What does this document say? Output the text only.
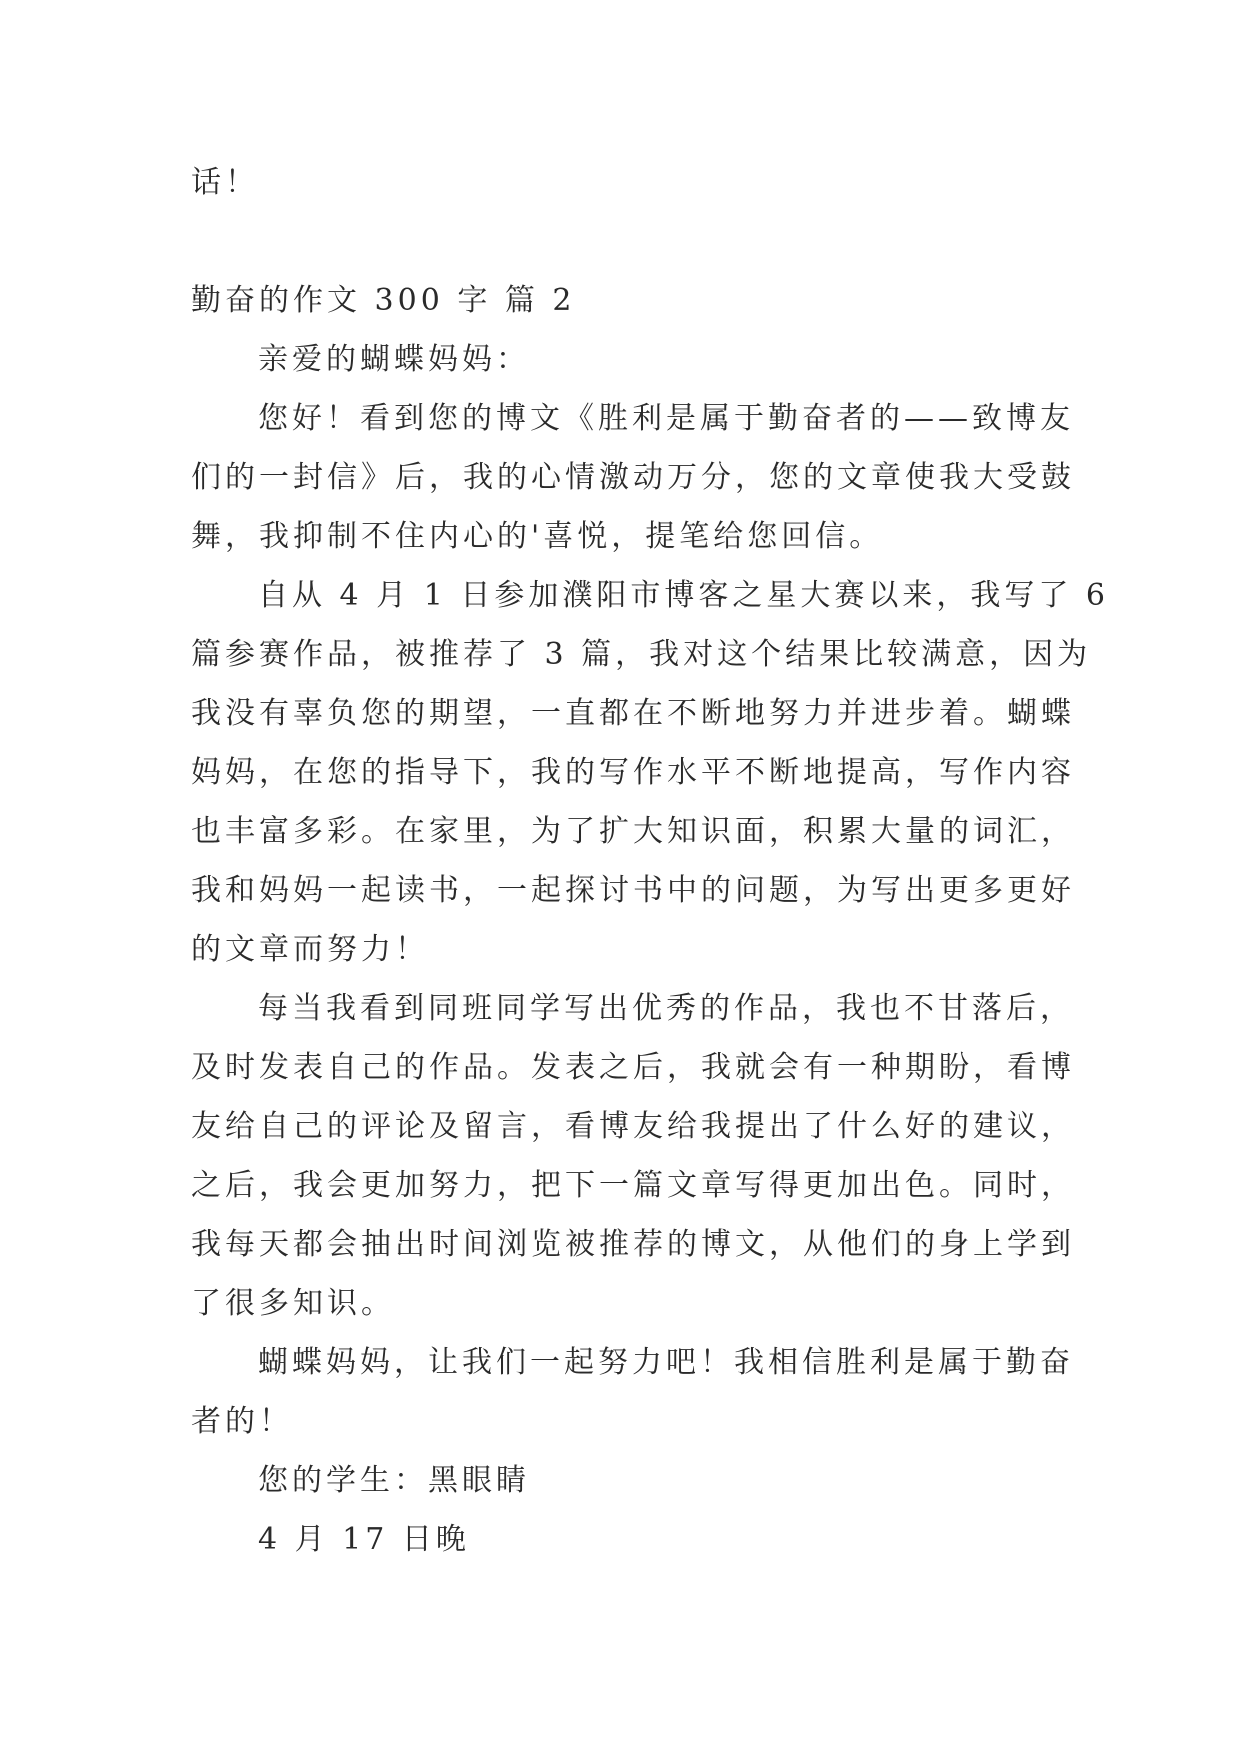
话！
勤奋的作文 300 字 篇 2
亲爱的蝴蝶妈妈：
您好！看到您的博文《胜利是属于勤奋者的——致博友
们的一封信》后，我的心情激动万分，您的文章使我大受鼓
舞，我抑制不住内心的'喜悦，提笔给您回信。
自从 4 月 1 日参加濮阳市博客之星大赛以来，我写了 6
篇参赛作品，被推荐了 3 篇，我对这个结果比较满意，因为
我没有辜负您的期望，一直都在不断地努力并进步着。蝴蝶
妈妈，在您的指导下，我的写作水平不断地提高，写作内容
也丰富多彩。在家里，为了扩大知识面，积累大量的词汇，
我和妈妈一起读书，一起探讨书中的问题，为写出更多更好
的文章而努力！
每当我看到同班同学写出优秀的作品，我也不甘落后，
及时发表自己的作品。发表之后，我就会有一种期盼，看博
友给自己的评论及留言，看博友给我提出了什么好的建议，
之后，我会更加努力，把下一篇文章写得更加出色。同时，
我每天都会抽出时间浏览被推荐的博文，从他们的身上学到
了很多知识。
蝴蝶妈妈，让我们一起努力吧！我相信胜利是属于勤奋
者的！
您的学生：黑眼睛
4 月 17 日晚
